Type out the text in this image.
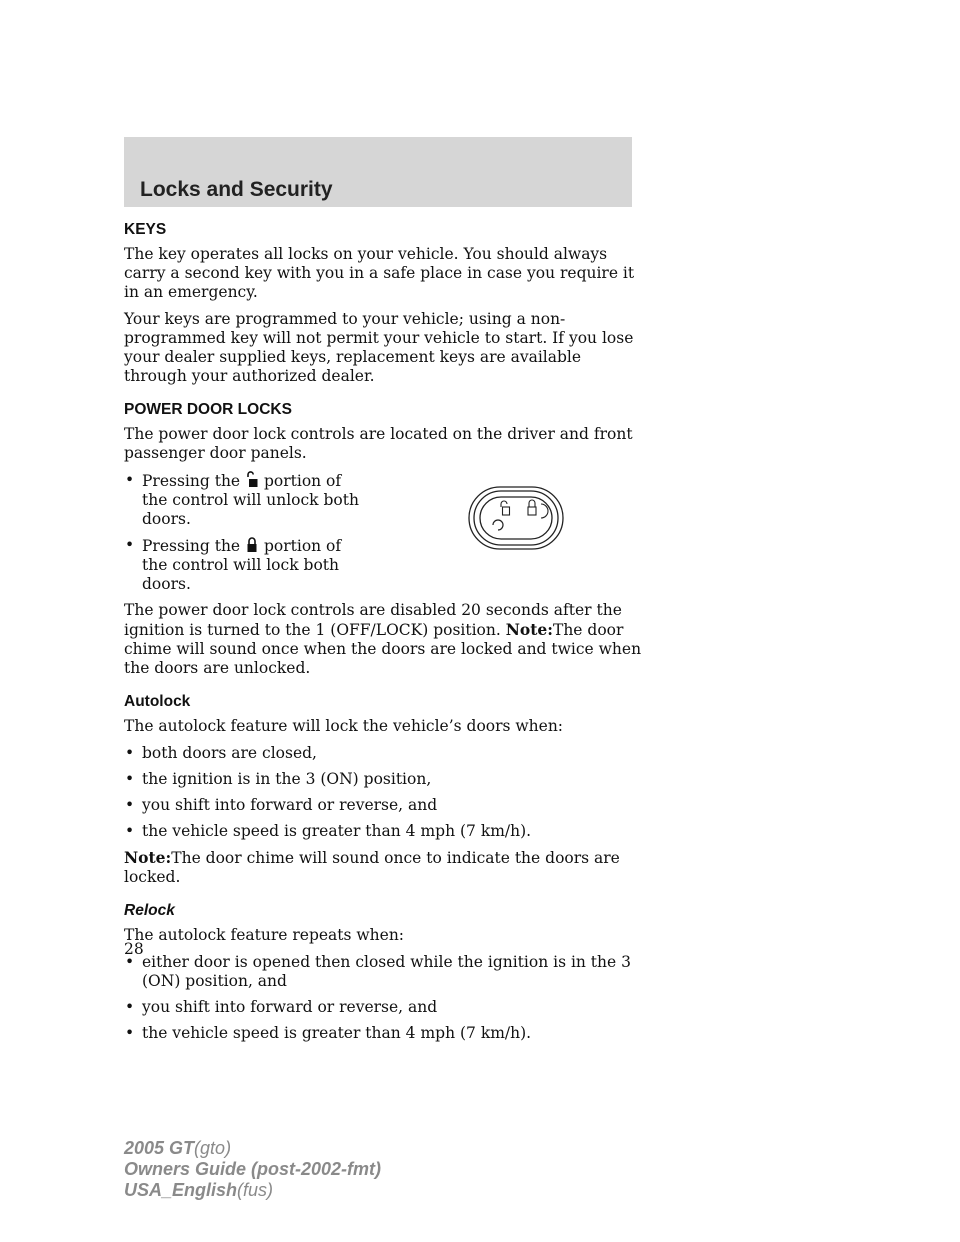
Locks and Security
KEYS

The key operates all locks on your vehicle. You should always carry a second key with you in a safe place in case you require it in an emergency.

Your keys are programmed to your vehicle; using a non-programmed key will not permit your vehicle to start. If you lose your dealer supplied keys, replacement keys are available through your authorized dealer.

POWER DOOR LOCKS

The power door lock controls are located on the driver and front passenger door panels.

• Pressing the portion of the control will unlock both doors.
• Pressing the portion of the control will lock both doors.

The power door lock controls are disabled 20 seconds after the ignition is turned to the 1 (OFF/LOCK) position. Note:The door chime will sound once when the doors are locked and twice when the doors are unlocked.

Autolock

The autolock feature will lock the vehicle’s doors when:

• both doors are closed,
• the ignition is in the 3 (ON) position,
• you shift into forward or reverse, and
• the vehicle speed is greater than 4 mph (7 km/h).

Note:The door chime will sound once to indicate the doors are locked.

Relock

The autolock feature repeats when:

• either door is opened then closed while the ignition is in the 3 (ON) position, and
• you shift into forward or reverse, and
• the vehicle speed is greater than 4 mph (7 km/h).

28

2005 GT(gto)
Owners Guide (post-2002-fmt)
USA_English(fus)
